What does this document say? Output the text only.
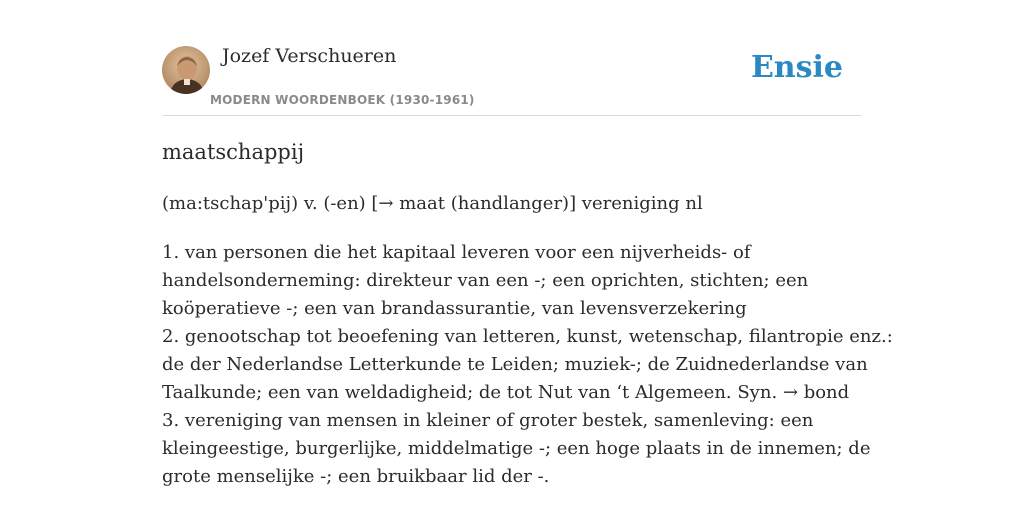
Jozef Verschueren
MODERN WOORDENBOEK (1930-1961)
Ensie
maatschappij
(ma:tschap'pij) v. (-en) [→ maat (handlanger)] vereniging nl
1. van personen die het kapitaal leveren voor een nijverheids- of
handelsonderneming: direkteur van een -; een oprichten, stichten; een
koöperatieve -; een van brandassurantie, van levensverzekering
2. genootschap tot beoefening van letteren, kunst, wetenschap, filantropie enz.:
de der Nederlandse Letterkunde te Leiden; muziek-; de Zuidnederlandse van
Taalkunde; een van weldadigheid; de tot Nut van ‘t Algemeen. Syn. → bond
3. vereniging van mensen in kleiner of groter bestek, samenleving: een
kleingeestige, burgerlijke, middelmatige -; een hoge plaats in de innemen; de
grote menselijke -; een bruikbaar lid der -.
